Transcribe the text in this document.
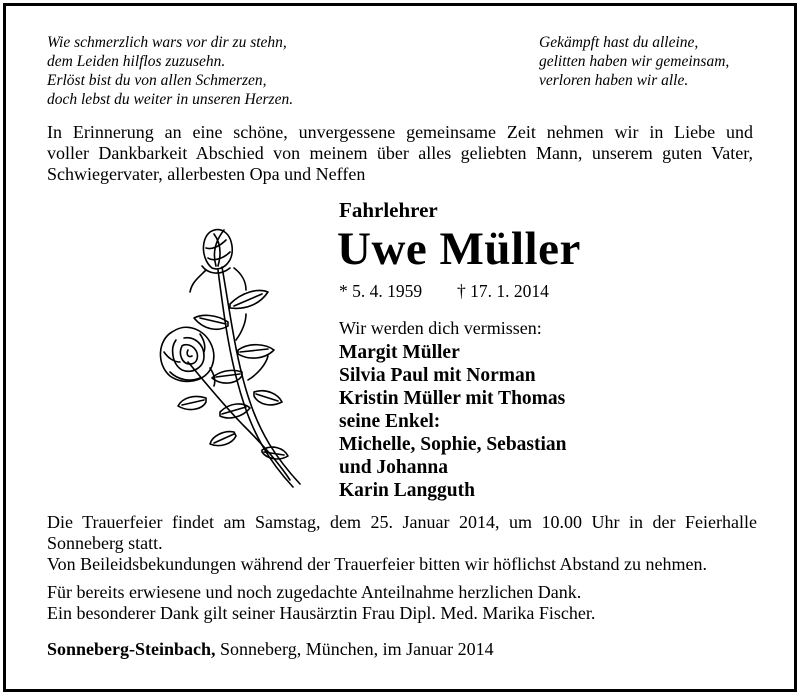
Wie schmerzlich wars vor dir zu stehn,
dem Leiden hilflos zuzusehn.
Erlöst bist du von allen Schmerzen,
doch lebst du weiter in unseren Herzen.
Gekämpft hast du alleine,
gelitten haben wir gemeinsam,
verloren haben wir alle.
In Erinnerung an eine schöne, unvergessene gemeinsame Zeit nehmen wir in Liebe und
voller Dankbarkeit Abschied von meinem über alles geliebten Mann, unserem guten Vater,
Schwiegervater, allerbesten Opa und Neffen
Fahrlehrer
Uwe Müller
* 5. 4. 1959 † 17. 1. 2014
Wir werden dich vermissen:
Margit Müller
Silvia Paul mit Norman
Kristin Müller mit Thomas
seine Enkel:
Michelle, Sophie, Sebastian
und Johanna
Karin Langguth
Die Trauerfeier findet am Samstag, dem 25. Januar 2014, um 10.00 Uhr in der Feierhalle
Sonneberg statt.
Von Beileidsbekundungen während der Trauerfeier bitten wir höflichst Abstand zu nehmen.
Für bereits erwiesene und noch zugedachte Anteilnahme herzlichen Dank.
Ein besonderer Dank gilt seiner Hausärztin Frau Dipl. Med. Marika Fischer.
Sonneberg-Steinbach, Sonneberg, München, im Januar 2014
